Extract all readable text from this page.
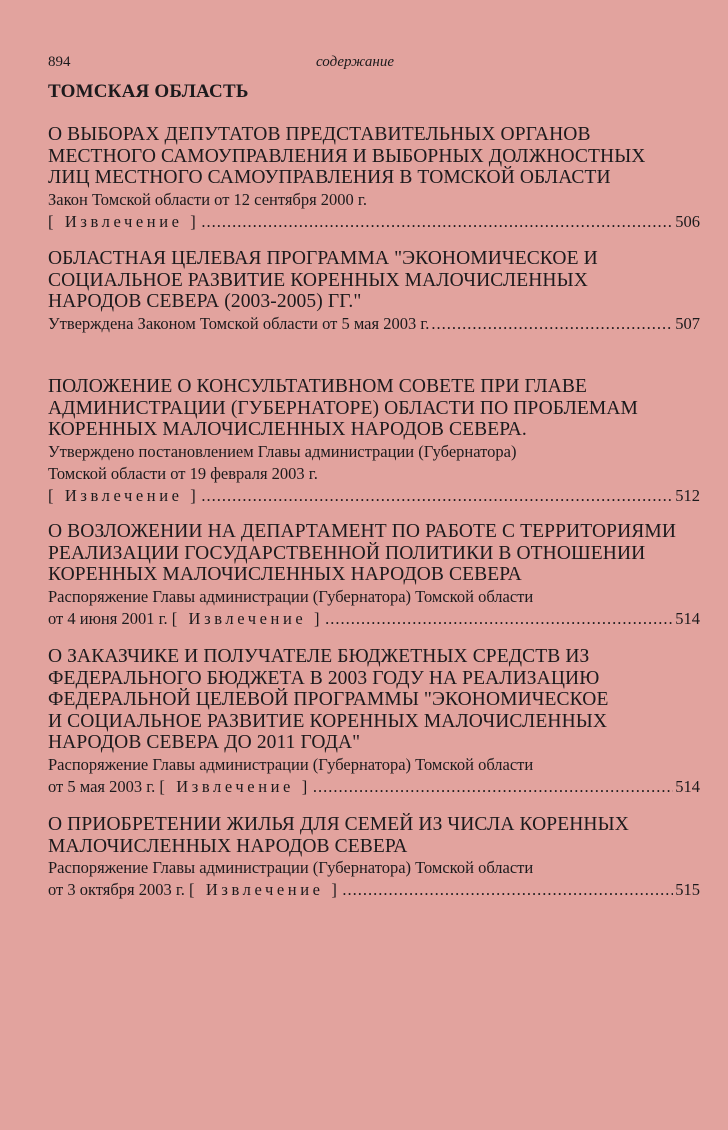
894	содержание
ТОМСКАЯ ОБЛАСТЬ
О ВЫБОРАХ ДЕПУТАТОВ ПРЕДСТАВИТЕЛЬНЫХ ОРГАНОВ
МЕСТНОГО САМОУПРАВЛЕНИЯ И ВЫБОРНЫХ ДОЛЖНОСТНЫХ
ЛИЦ МЕСТНОГО САМОУПРАВЛЕНИЯ В ТОМСКОЙ ОБЛАСТИ
Закон Томской области от 12 сентября 2000 г.
[ Извлечение ] .....	506
ОБЛАСТНАЯ ЦЕЛЕВАЯ ПРОГРАММА "ЭКОНОМИЧЕСКОЕ И
СОЦИАЛЬНОЕ РАЗВИТИЕ КОРЕННЫХ МАЛОЧИСЛЕННЫХ
НАРОДОВ СЕВЕРА (2003-2005) ГГ."
Утверждена Законом Томской области от 5 мая 2003 г. .....	507
ПОЛОЖЕНИЕ О КОНСУЛЬТАТИВНОМ СОВЕТЕ ПРИ ГЛАВЕ
АДМИНИСТРАЦИИ (ГУБЕРНАТОРЕ) ОБЛАСТИ ПО ПРОБЛЕМАМ
КОРЕННЫХ МАЛОЧИСЛЕННЫХ НАРОДОВ СЕВЕРА.
Утверждено постановлением Главы администрации (Губернатора)
Томской области от 19 февраля 2003 г.
[ Извлечение ] .....	512
О ВОЗЛОЖЕНИИ НА ДЕПАРТАМЕНТ ПО РАБОТЕ С ТЕРРИТОРИЯМИ
РЕАЛИЗАЦИИ ГОСУДАРСТВЕННОЙ ПОЛИТИКИ В ОТНОШЕНИИ
КОРЕННЫХ МАЛОЧИСЛЕННЫХ НАРОДОВ СЕВЕРА
Распоряжение Главы администрации (Губернатора) Томской области
от 4 июня 2001 г. [ Извлечение ] .....	514
О ЗАКАЗЧИКЕ И ПОЛУЧАТЕЛЕ БЮДЖЕТНЫХ СРЕДСТВ ИЗ
ФЕДЕРАЛЬНОГО БЮДЖЕТА В 2003 ГОДУ НА РЕАЛИЗАЦИЮ
ФЕДЕРАЛЬНОЙ ЦЕЛЕВОЙ ПРОГРАММЫ "ЭКОНОМИЧЕСКОЕ
И СОЦИАЛЬНОЕ РАЗВИТИЕ КОРЕННЫХ МАЛОЧИСЛЕННЫХ
НАРОДОВ СЕВЕРА ДО 2011 ГОДА"
Распоряжение Главы администрации (Губернатора) Томской области
от 5 мая 2003 г. [ Извлечение ] .....	514
О ПРИОБРЕТЕНИИ ЖИЛЬЯ ДЛЯ СЕМЕЙ ИЗ ЧИСЛА КОРЕННЫХ
МАЛОЧИСЛЕННЫХ НАРОДОВ СЕВЕРА
Распоряжение Главы администрации (Губернатора) Томской области
от 3 октября 2003 г. [ Извлечение ] .....	515
